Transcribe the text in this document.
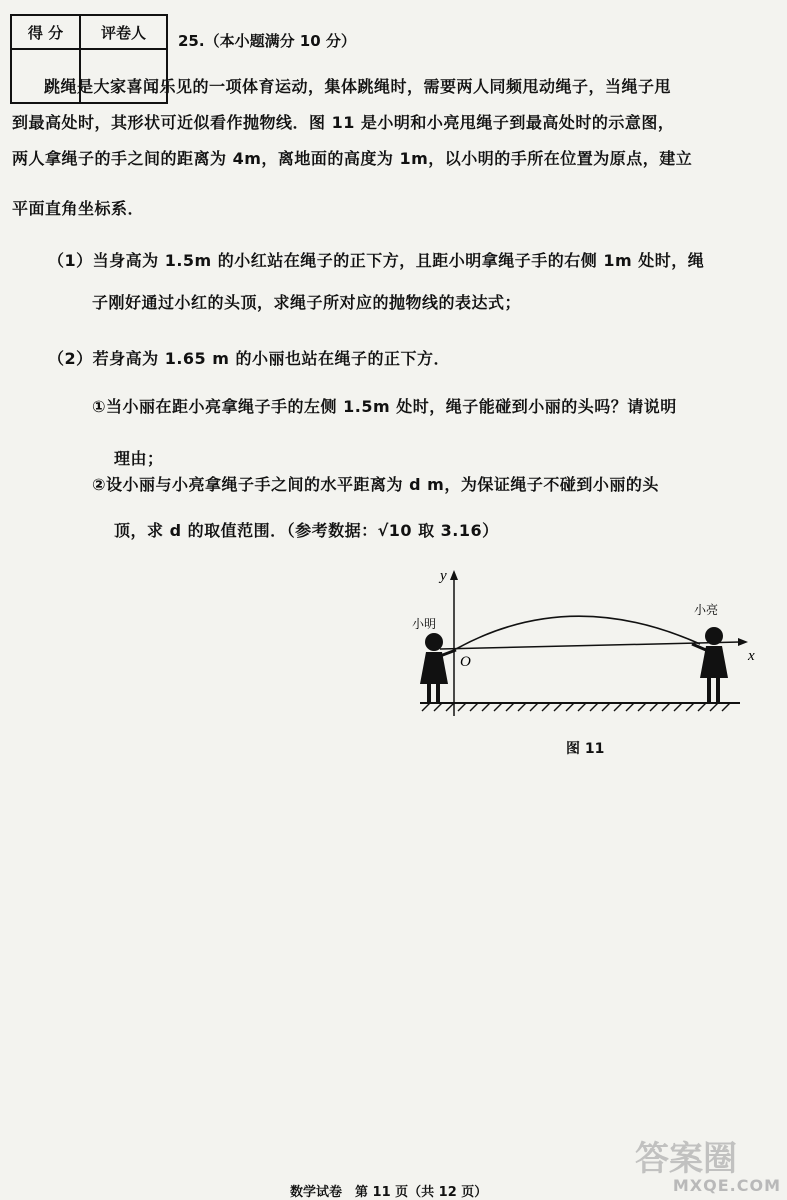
得 分	评卷人
	25.（本小题满分 10 分）
跳绳是大家喜闻乐见的一项体育运动，集体跳绳时，需要两人同频甩动绳子，当绳子甩
到最高处时，其形状可近似看作抛物线．图 11 是小明和小亮甩绳子到最高处时的示意图，
两人拿绳子的手之间的距离为 4m，离地面的高度为 1m，以小明的手所在位置为原点，建立
平面直角坐标系．
（1）当身高为 1.5m 的小红站在绳子的正下方，且距小明拿绳子手的右侧 1m 处时，绳
子刚好通过小红的头顶，求绳子所对应的抛物线的表达式；
（2）若身高为 1.65 m 的小丽也站在绳子的正下方．
①当小丽在距小亮拿绳子手的左侧 1.5m 处时，绳子能碰到小丽的头吗？请说明
理由；
②设小丽与小亮拿绳子手之间的水平距离为 d m，为保证绳子不碰到小丽的头
顶，求 d 的取值范围．（参考数据：√10 取 3.16）
y
x
O
小明
小亮
图 11
数学试卷　第 11 页（共 12 页）
答案圈
MXQE.COM
